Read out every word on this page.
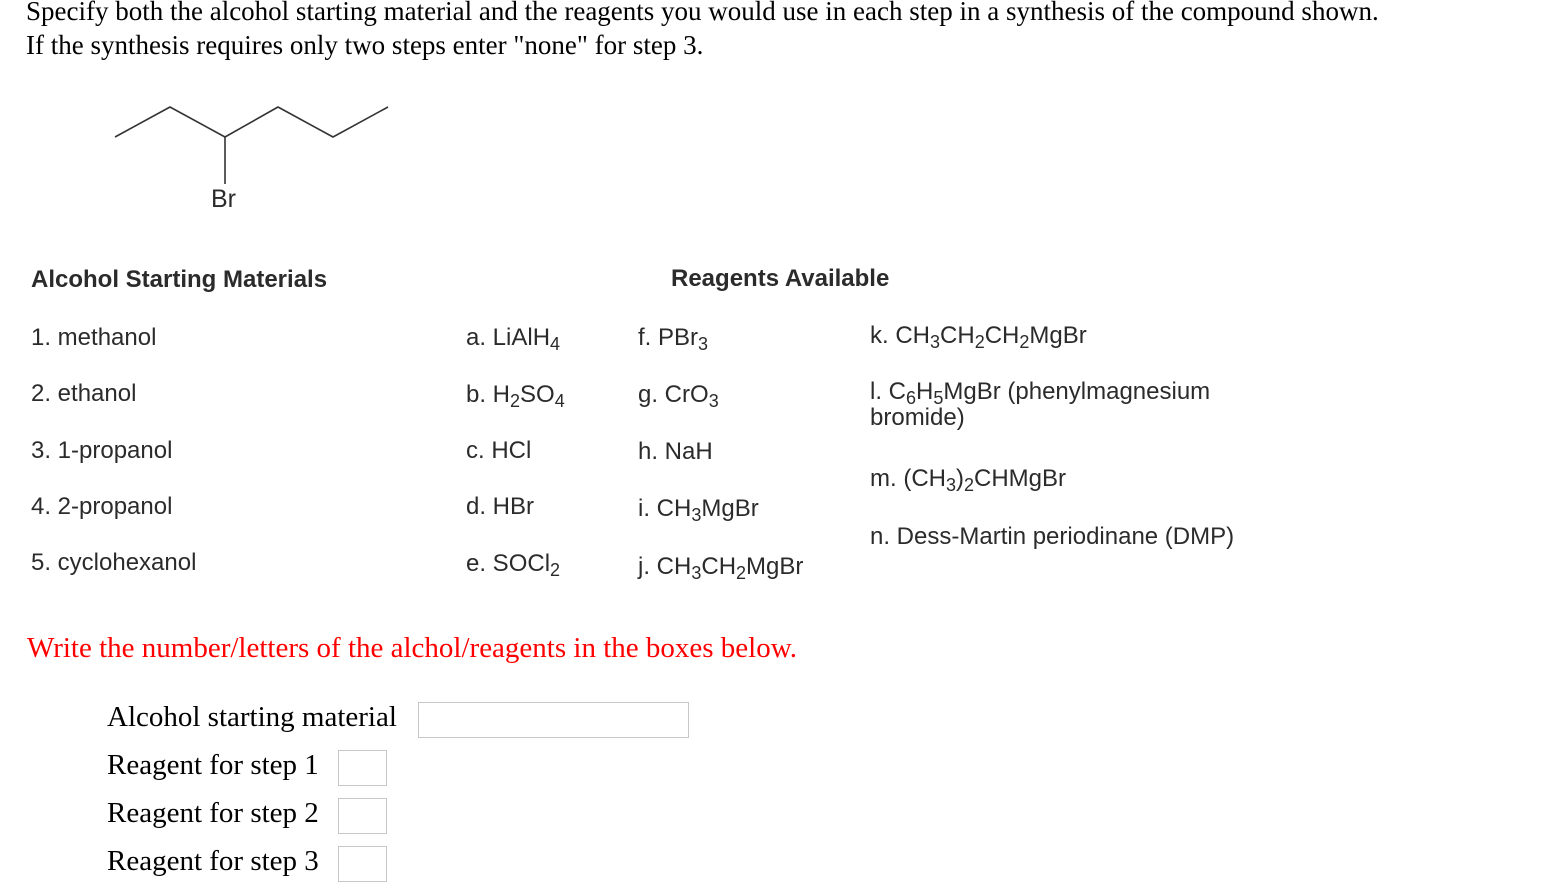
Specify both the alcohol starting material and the reagents you would use in each step in a synthesis of the compound shown.
If the synthesis requires only two steps enter "none" for step 3.
Br
Alcohol Starting Materials
1. methanol
2. ethanol
3. 1-propanol
4. 2-propanol
5. cyclohexanol
Reagents Available
a. LiAlH$_4$
b. $H_2SO_4$
c. HCl
d. HBr
e. SOCl$_2$
f. PBr$_3$
g. CrO$_3$
h. NaH
i. $CH_3MgBr$
j. $CH_3CH_2MgBr$
k. $CH_3CH_2CH_2MgBr$
l. $C_6H_5MgBr$ (phenylmagnesium bromide)
m. $(CH_3)_2CHMgBr$
n. Dess-Martin periodinane (DMP)
Write the number/letters of the alchol/reagents in the boxes below.
Alcohol starting material
Reagent for step 1
Reagent for step 2
Reagent for step 3
